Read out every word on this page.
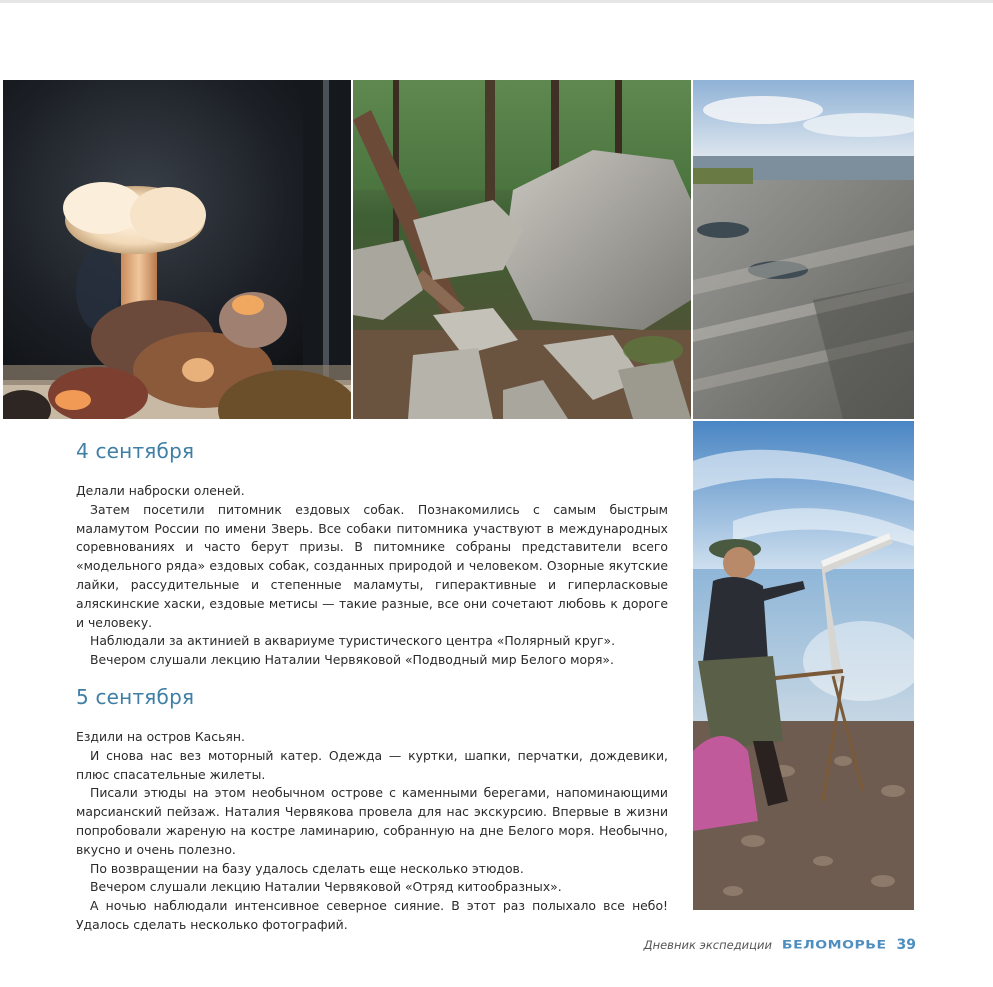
4 сентября

Делали наброски оленей.

Затем посетили питомник ездовых собак. Познакомились с самым быстрым маламутом России по имени Зверь. Все собаки питомника участвуют в международных соревнованиях и часто берут призы. В питомнике собраны представители всего «модельного ряда» ездовых собак, созданных природой и человеком. Озорные якутские лайки, рассудительные и степенные маламуты, гиперактивные и гиперласковые аляскинские хаски, ездовые метисы — такие разные, все они сочетают любовь к дороге и человеку.

Наблюдали за актинией в аквариуме туристического центра «Полярный круг».

Вечером слушали лекцию Наталии Червяковой «Подводный мир Белого моря».

5 сентября

Ездили на остров Касьян.

И снова нас вез моторный катер. Одежда — куртки, шапки, перчатки, дождевики, плюс спасательные жилеты.

Писали этюды на этом необычном острове с каменными берегами, напоминающими марсианский пейзаж. Наталия Червякова провела для нас экскурсию. Впервые в жизни попробовали жареную на костре ламинарию, собранную на дне Белого моря. Необычно, вкусно и очень полезно.

По возвращении на базу удалось сделать еще несколько этюдов.

Вечером слушали лекцию Наталии Червяковой «Отряд китообразных».

А ночью наблюдали интенсивное северное сияние. В этот раз полыхало все небо! Удалось сделать несколько фотографий.

Дневник экспедиции БЕЛОМОРЬЕ 39
